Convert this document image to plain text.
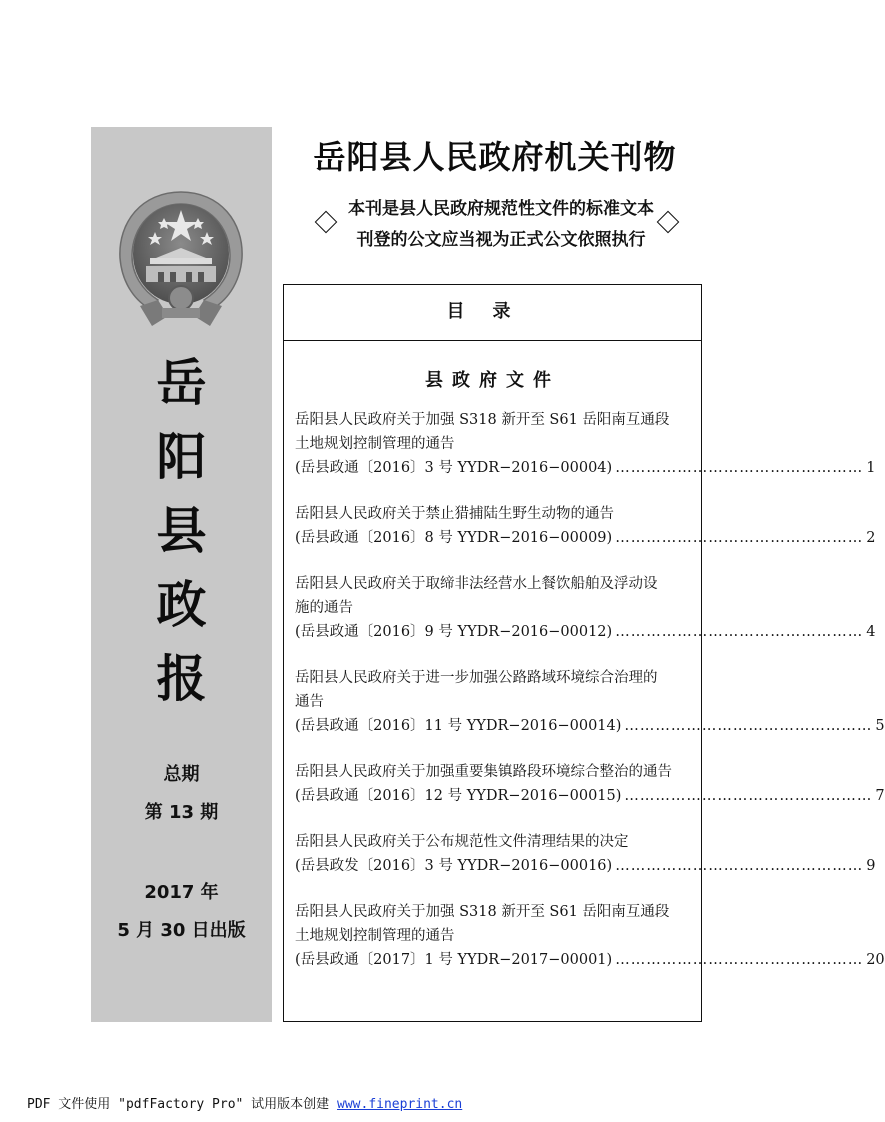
岳
阳
县
政
报
总期
第 13 期
2017 年
5 月 30 日出版
岳阳县人民政府机关刊物
本刊是县人民政府规范性文件的标准文本
刊登的公文应当视为正式公文依照执行
目录
县政府文件
岳阳县人民政府关于加强 S318 新开至 S61 岳阳南互通段
土地规划控制管理的通告
(岳县政通〔2016〕3 号 YYDR−2016−00004) ………………………………………… 1
岳阳县人民政府关于禁止猎捕陆生野生动物的通告
(岳县政通〔2016〕8 号 YYDR−2016−00009) ………………………………………… 2
岳阳县人民政府关于取缔非法经营水上餐饮船舶及浮动设
施的通告
(岳县政通〔2016〕9 号 YYDR−2016−00012) ………………………………………… 4
岳阳县人民政府关于进一步加强公路路域环境综合治理的
通告
(岳县政通〔2016〕11 号 YYDR−2016−00014) ………………………………………… 5
岳阳县人民政府关于加强重要集镇路段环境综合整治的通告
(岳县政通〔2016〕12 号 YYDR−2016−00015) ………………………………………… 7
岳阳县人民政府关于公布规范性文件清理结果的决定
(岳县政发〔2016〕3 号 YYDR−2016−00016) ………………………………………… 9
岳阳县人民政府关于加强 S318 新开至 S61 岳阳南互通段
土地规划控制管理的通告
(岳县政通〔2017〕1 号 YYDR−2017−00001) ………………………………………… 20
PDF 文件使用 "pdfFactory Pro" 试用版本创建 www.fineprint.cn
